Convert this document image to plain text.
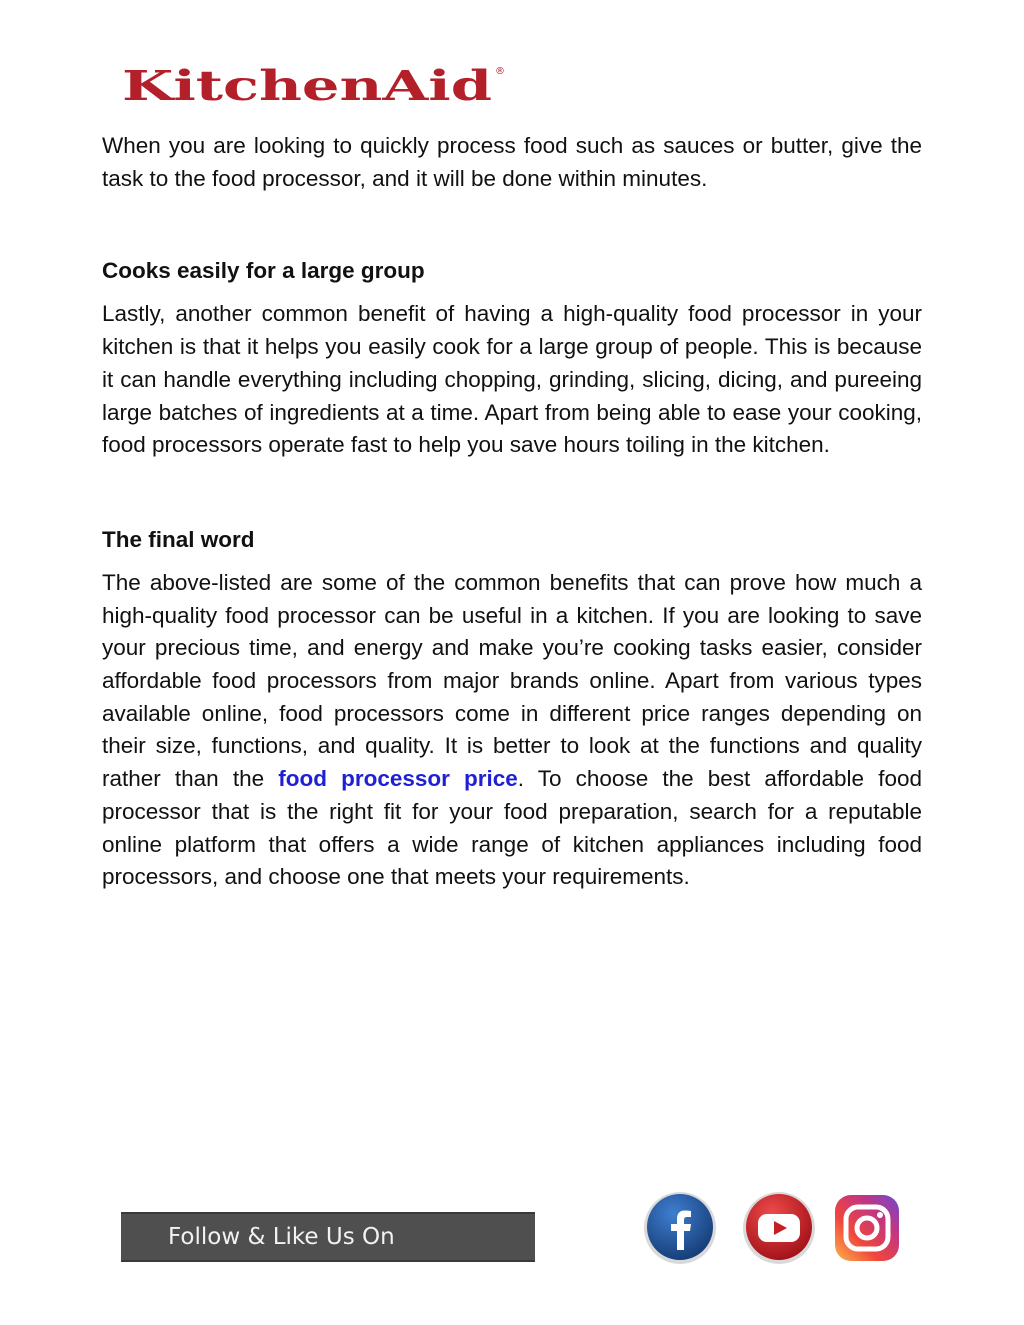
KitchenAid ®

When you are looking to quickly process food such as sauces or butter, give the task to the food processor, and it will be done within minutes.

Cooks easily for a large group

Lastly, another common benefit of having a high-quality food processor in your kitchen is that it helps you easily cook for a large group of people. This is because it can handle everything including chopping, grinding, slicing, dicing, and pureeing large batches of ingredients at a time. Apart from being able to ease your cooking, food processors operate fast to help you save hours toiling in the kitchen.

The final word

The above-listed are some of the common benefits that can prove how much a high-quality food processor can be useful in a kitchen. If you are looking to save your precious time, and energy and make you’re cooking tasks easier, consider affordable food processors from major brands online. Apart from various types available online, food processors come in different price ranges depending on their size, functions, and quality. It is better to look at the functions and quality rather than the food processor price. To choose the best affordable food processor that is the right fit for your food preparation, search for a reputable online platform that offers a wide range of kitchen appliances including food processors, and choose one that meets your requirements.

Follow & Like Us On
